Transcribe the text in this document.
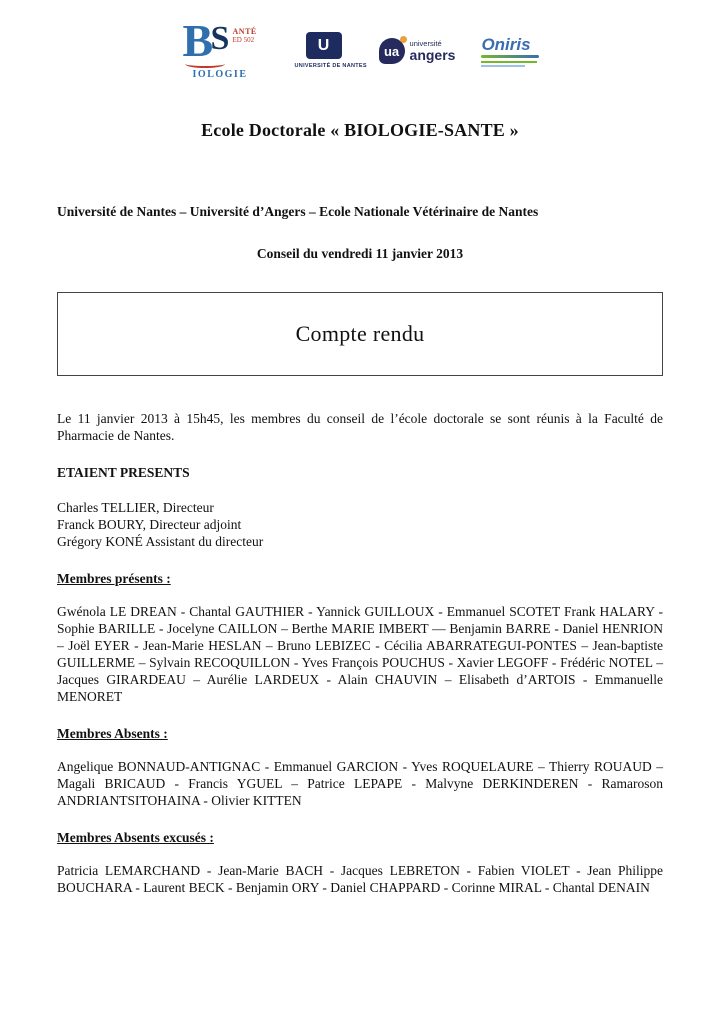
B
S ANTÉ
ED 502
IOLOGIE
U
UNIVERSITÉ DE NANTES
ua
université
angers
Oniris
Ecole Doctorale « BIOLOGIE-SANTE »

Université de Nantes – Université d’Angers – Ecole Nationale Vétérinaire de Nantes

Conseil du vendredi 11 janvier 2013

Compte rendu

Le 11 janvier 2013 à 15h45, les membres du conseil de l’école doctorale se sont réunis à la Faculté de Pharmacie de Nantes.

ETAIENT PRESENTS

Charles TELLIER, Directeur

Franck BOURY, Directeur adjoint

Grégory KONÉ Assistant du directeur

Membres présents :

Gwénola LE DREAN - Chantal GAUTHIER - Yannick GUILLOUX - Emmanuel SCOTET Frank HALARY - Sophie BARILLE - Jocelyne CAILLON – Berthe MARIE IMBERT — Benjamin BARRE - Daniel HENRION – Joël EYER - Jean-Marie HESLAN – Bruno LEBIZEC - Cécilia ABARRATEGUI-PONTES – Jean-baptiste GUILLERME – Sylvain RECOQUILLON - Yves François POUCHUS - Xavier LEGOFF - Frédéric NOTEL – Jacques GIRARDEAU – Aurélie LARDEUX - Alain CHAUVIN – Elisabeth d’ARTOIS - Emmanuelle MENORET

Membres Absents :

Angelique BONNAUD-ANTIGNAC - Emmanuel GARCION - Yves ROQUELAURE – Thierry ROUAUD – Magali BRICAUD - Francis YGUEL – Patrice LEPAPE - Malvyne DERKINDEREN - Ramaroson ANDRIANTSITOHAINA - Olivier KITTEN

Membres Absents excusés :

Patricia LEMARCHAND - Jean-Marie BACH - Jacques LEBRETON - Fabien VIOLET - Jean Philippe BOUCHARA - Laurent BECK - Benjamin ORY - Daniel CHAPPARD - Corinne MIRAL - Chantal DENAIN
